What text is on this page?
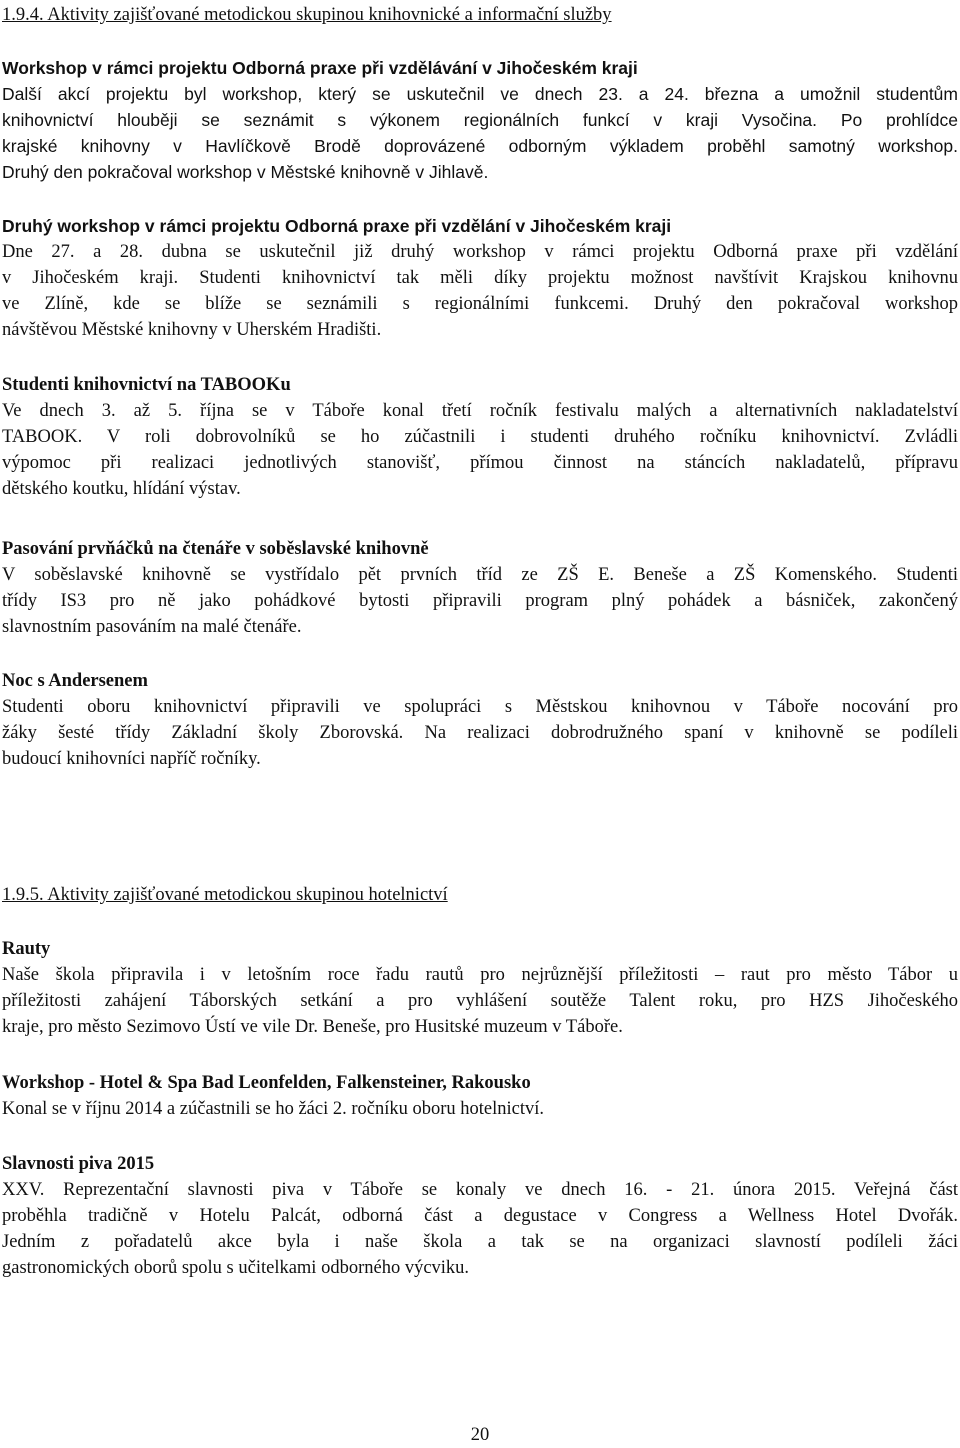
1.9.4. Aktivity zajišťované metodickou skupinou knihovnické a informační služby
Workshop v rámci projektu Odborná praxe při vzdělávání v Jihočeském kraji
Další akcí projektu byl workshop, který se uskutečnil ve dnech 23. a 24. března a umožnil studentům
knihovnictví hlouběji se seznámit s výkonem regionálních funkcí v kraji Vysočina. Po prohlídce
krajské knihovny v Havlíčkově Brodě doprovázené odborným výkladem proběhl samotný workshop.
Druhý den pokračoval workshop v Městské knihovně v Jihlavě.
Druhý workshop v rámci projektu Odborná praxe při vzdělání v Jihočeském kraji
Dne 27. a 28. dubna se uskutečnil již druhý workshop v rámci projektu Odborná praxe při vzdělání
v Jihočeském kraji. Studenti knihovnictví tak měli díky projektu možnost navštívit Krajskou knihovnu
ve Zlíně, kde se blíže se seznámili s regionálními funkcemi. Druhý den pokračoval workshop
návštěvou Městské knihovny v Uherském Hradišti.
Studenti knihovnictví na TABOOKu
Ve dnech 3. až 5. října se v Táboře konal třetí ročník festivalu malých a alternativních nakladatelství
TABOOK. V roli dobrovolníků se ho zúčastnili i studenti druhého ročníku knihovnictví. Zvládli
výpomoc při realizaci jednotlivých stanovišť, přímou činnost na stáncích nakladatelů, přípravu
dětského koutku, hlídání výstav.
Pasování prvňáčků na čtenáře v soběslavské knihovně
V soběslavské knihovně se vystřídalo pět prvních tříd ze ZŠ E. Beneše a ZŠ Komenského. Studenti
třídy IS3 pro ně jako pohádkové bytosti připravili program plný pohádek a básniček, zakončený
slavnostním pasováním na malé čtenáře.
Noc s Andersenem
Studenti oboru knihovnictví připravili ve spolupráci s Městskou knihovnou v Táboře nocování pro
žáky šesté třídy Základní školy Zborovská. Na realizaci dobrodružného spaní v knihovně se podíleli
budoucí knihovníci napříč ročníky.
1.9.5. Aktivity zajišťované metodickou skupinou hotelnictví
Rauty
Naše škola připravila i v letošním roce řadu rautů pro nejrůznější příležitosti – raut pro město Tábor u
příležitosti zahájení Táborských setkání a pro vyhlášení soutěže Talent roku, pro HZS Jihočeského
kraje, pro město Sezimovo Ústí ve vile Dr. Beneše, pro Husitské muzeum v Táboře.
Workshop - Hotel & Spa Bad Leonfelden, Falkensteiner, Rakousko
Konal se v říjnu 2014 a zúčastnili se ho žáci 2. ročníku oboru hotelnictví.
Slavnosti piva 2015
XXV. Reprezentační slavnosti piva v Táboře se konaly ve dnech 16. - 21. února 2015. Veřejná část
proběhla tradičně v Hotelu Palcát, odborná část a degustace v Congress a Wellness Hotel Dvořák.
Jedním z pořadatelů akce byla i naše škola a tak se na organizaci slavností podíleli žáci
gastronomických oborů spolu s učitelkami odborného výcviku.
20
